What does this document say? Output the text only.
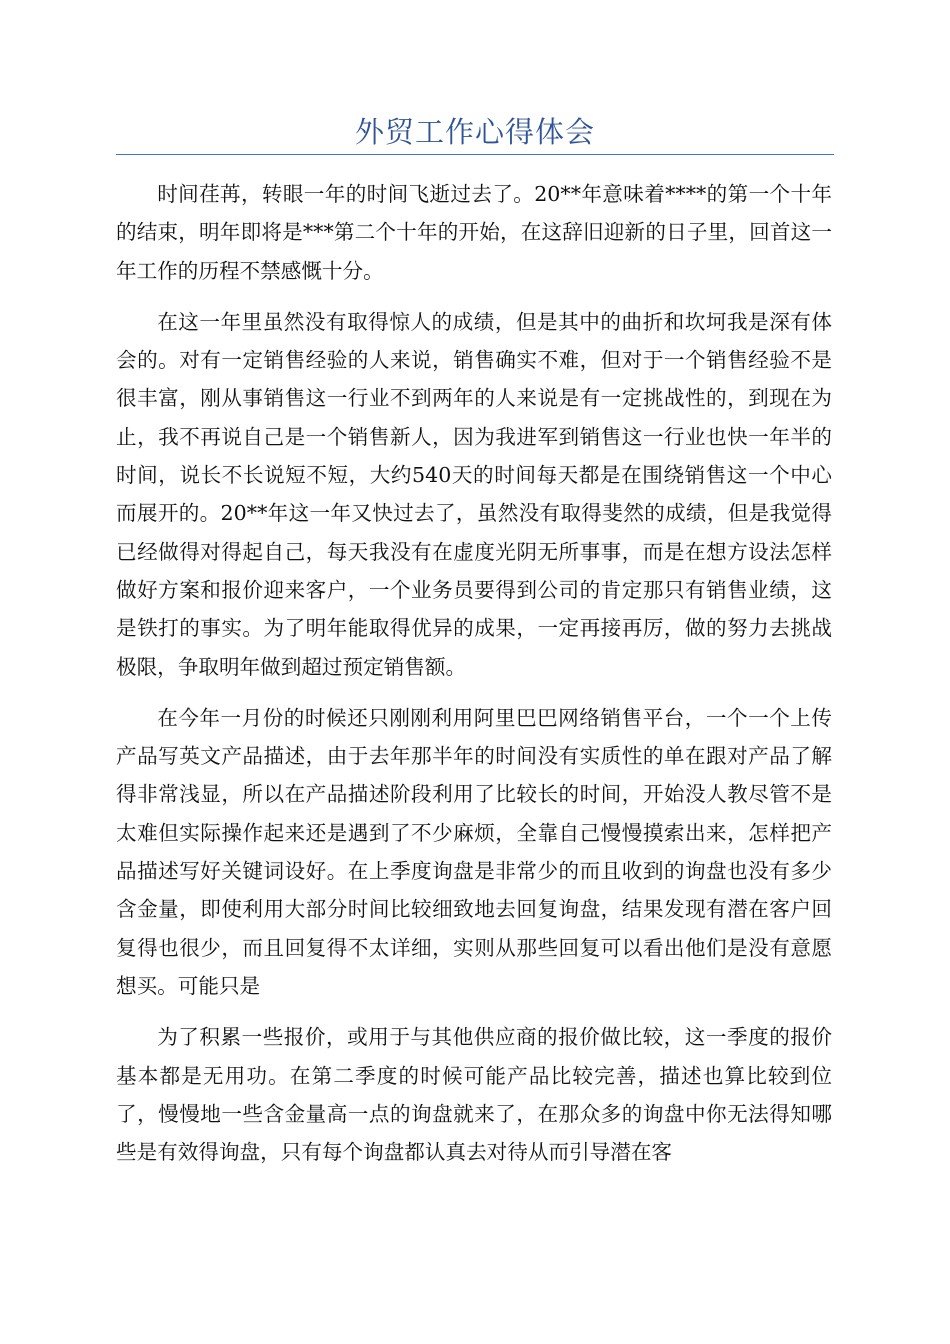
外贸工作心得体会

时间荏苒，转眼一年的时间飞逝过去了。20**年意味着****的第一个十年的结束，明年即将是***第二个十年的开始，在这辞旧迎新的日子里，回首这一年工作的历程不禁感慨十分。

在这一年里虽然没有取得惊人的成绩，但是其中的曲折和坎坷我是深有体会的。对有一定销售经验的人来说，销售确实不难，但对于一个销售经验不是很丰富，刚从事销售这一行业不到两年的人来说是有一定挑战性的，到现在为止，我不再说自己是一个销售新人，因为我进军到销售这一行业也快一年半的时间，说长不长说短不短，大约540天的时间每天都是在围绕销售这一个中心而展开的。20**年这一年又快过去了，虽然没有取得斐然的成绩，但是我觉得已经做得对得起自己，每天我没有在虚度光阴无所事事，而是在想方设法怎样做好方案和报价迎来客户，一个业务员要得到公司的肯定那只有销售业绩，这是铁打的事实。为了明年能取得优异的成果，一定再接再厉，做的努力去挑战极限，争取明年做到超过预定销售额。

在今年一月份的时候还只刚刚利用阿里巴巴网络销售平台，一个一个上传产品写英文产品描述，由于去年那半年的时间没有实质性的单在跟对产品了解得非常浅显，所以在产品描述阶段利用了比较长的时间，开始没人教尽管不是太难但实际操作起来还是遇到了不少麻烦，全靠自己慢慢摸索出来，怎样把产品描述写好关键词设好。在上季度询盘是非常少的而且收到的询盘也没有多少含金量，即使利用大部分时间比较细致地去回复询盘，结果发现有潜在客户回复得也很少，而且回复得不太详细，实则从那些回复可以看出他们是没有意愿想买。可能只是

为了积累一些报价，或用于与其他供应商的报价做比较，这一季度的报价基本都是无用功。在第二季度的时候可能产品比较完善，描述也算比较到位了，慢慢地一些含金量高一点的询盘就来了，在那众多的询盘中你无法得知哪些是有效得询盘，只有每个询盘都认真去对待从而引导潜在客
